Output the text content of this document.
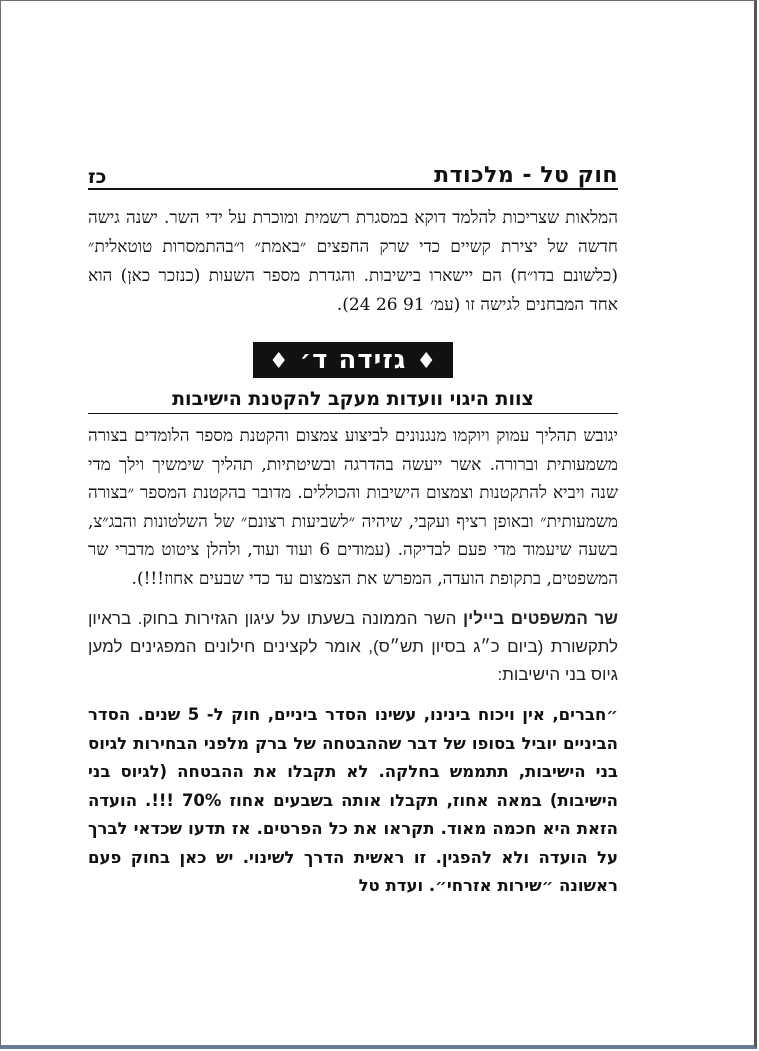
חוק טל - מלכודת
כז

המלאות שצריכות להלמד דוקא במסגרת רשמית ומוכרת על ידי השר. ישנה גישה חדשה של יצירת קשיים כדי שרק החפצים ״באמת״ ו״בהתמסרות טוטאלית״ (כלשונם בדו״ח) הם יישארו בישיבות. והגדרת מספר השעות (כנזכר כאן) הוא אחד המבחנים לגישה זו (עמ׳ 91 26 24).

♦ גזידה ד׳ ♦
צוות היגוי וועדות מעקב להקטנת הישיבות

יגובש תהליך עמוק ויוקמו מנגנונים לביצוע צמצום והקטנת מספר הלומדים בצורה משמעותית וברורה. אשר ייעשה בהדרגה ובשיטתיות, תהליך שימשיך וילך מדי שנה ויביא להתקטנות וצמצום הישיבות והכוללים. מדובר בהקטנת המספר ״בצורה משמעותית״ ובאופן רציף ועקבי, שיהיה ״לשביעות רצונם״ של השלטונות והבג״צ, בשעה שיעמוד מדי פעם לבדיקה. (עמודים 6 ועוד ועוד, ולהלן ציטוט מדברי שר המשפטים, בתקופת הועדה, המפרש את הצמצום עד כדי שבעים אחוז!!!).

שר המשפטים ביילין השר הממונה בשעתו על עיגון הגזירות בחוק. בראיון לתקשורת (ביום כ״ג בסיון תש״ס), אומר לקצינים חילונים המפגינים למען גיוס בני הישיבות:

״חברים, אין ויכוח בינינו, עשינו הסדר ביניים, חוק ל- 5 שנים. הסדר הביניים יוביל בסופו של דבר שההבטחה של ברק מלפני הבחירות לגיוס בני הישיבות, תתממש בחלקה. לא תקבלו את ההבטחה (לגיוס בני הישיבות) במאה אחוז, תקבלו אותה בשבעים אחוז 70% !!!. הועדה הזאת היא חכמה מאוד. תקראו את כל הפרטים. אז תדעו שכדאי לברך על הועדה ולא להפגין. זו ראשית הדרך לשינוי. יש כאן בחוק פעם ראשונה ״שירות אזרחי״. ועדת טל
